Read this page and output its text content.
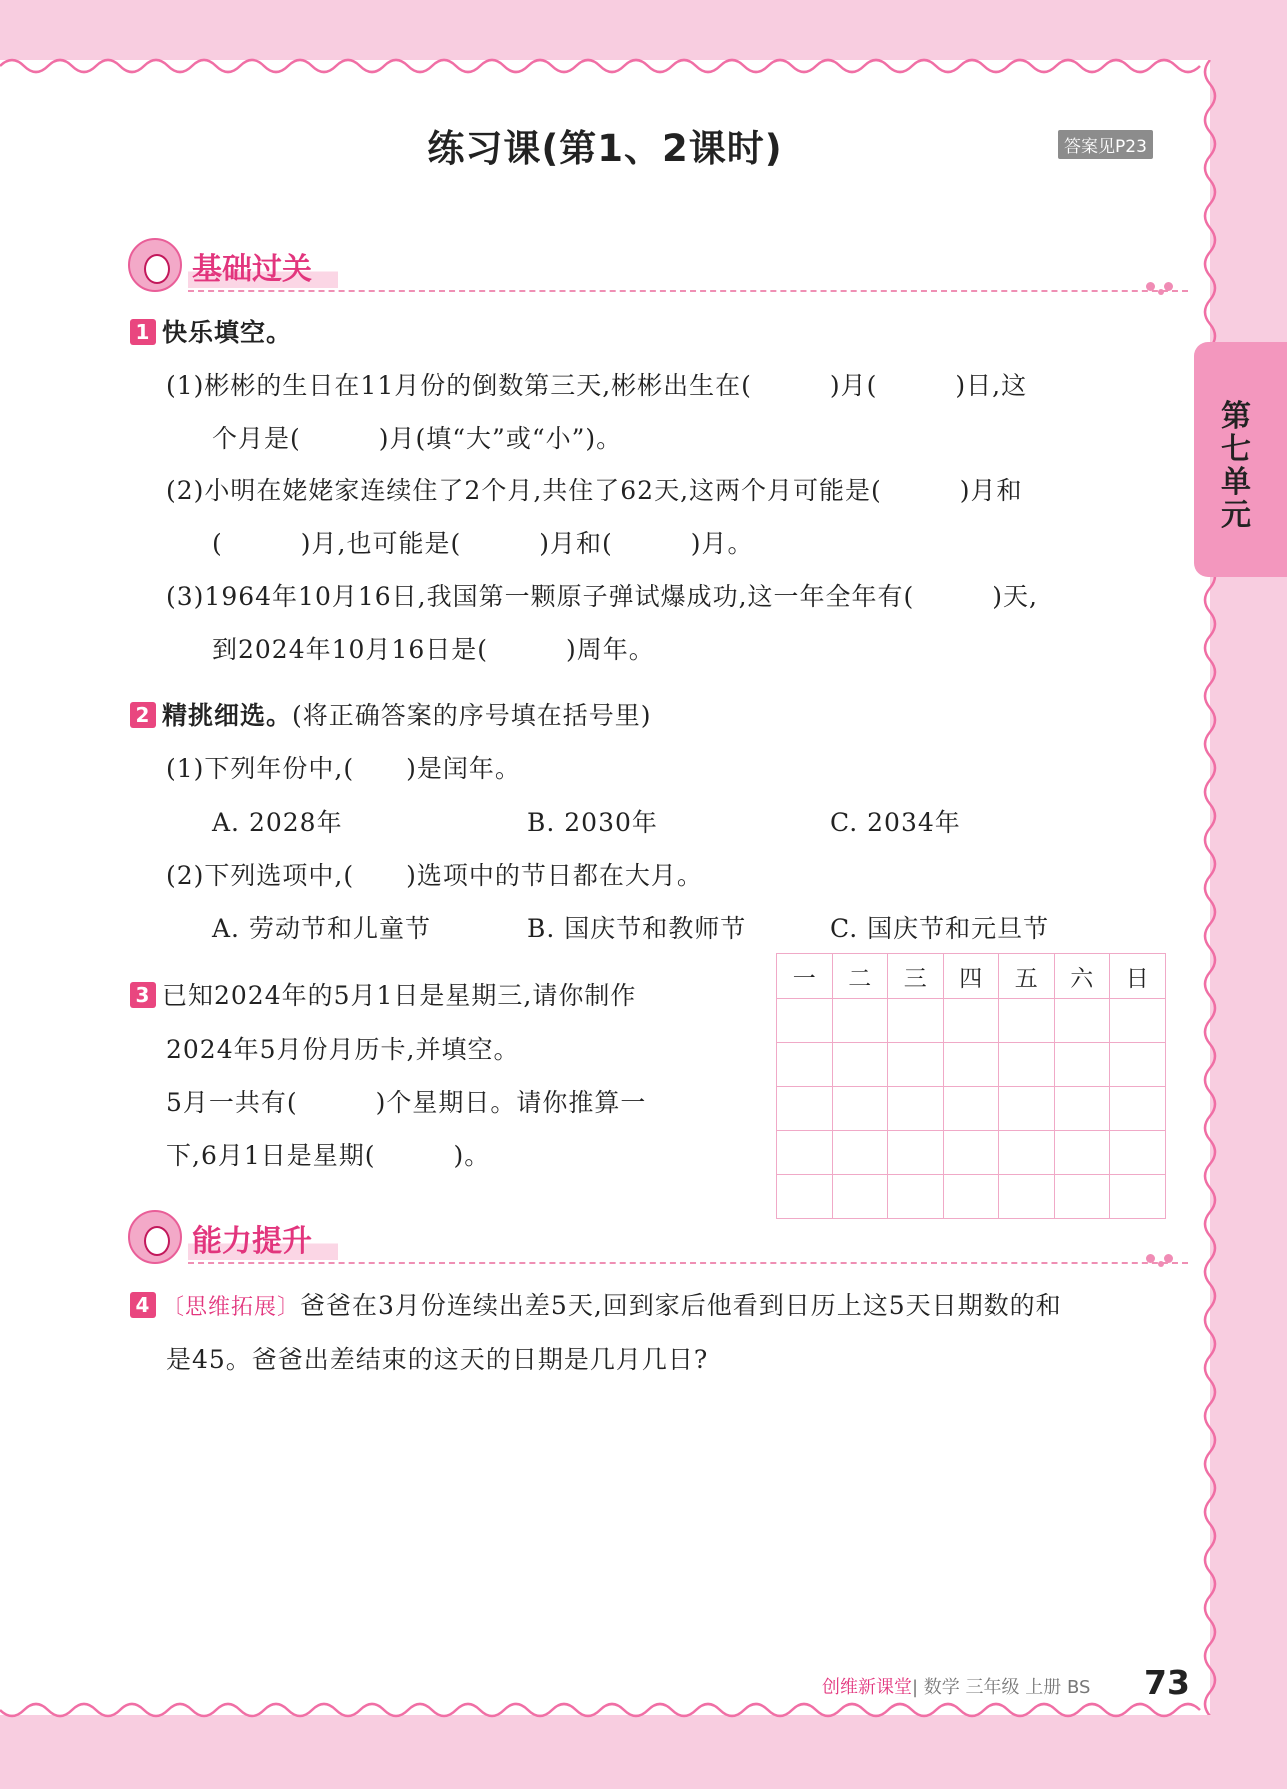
练习课(第1、2课时)	答案见P23
第七单元
基础过关
1 快乐填空。
(1)彬彬的生日在11月份的倒数第三天,彬彬出生在(　　　)月(　　　)日,这
个月是(　　　)月(填“大”或“小”)。
(2)小明在姥姥家连续住了2个月,共住了62天,这两个月可能是(　　　)月和
(　　　)月,也可能是(　　　)月和(　　　)月。
(3)1964年10月16日,我国第一颗原子弹试爆成功,这一年全年有(　　　)天,
到2024年10月16日是(　　　)周年。
2 精挑细选。(将正确答案的序号填在括号里)
(1)下列年份中,(　　)是闰年。
A. 2028年	B. 2030年	C. 2034年
(2)下列选项中,(　　)选项中的节日都在大月。
A. 劳动节和儿童节	B. 国庆节和教师节	C. 国庆节和元旦节
3 已知2024年的5月1日是星期三,请你制作
2024年5月份月历卡,并填空。
5月一共有(　　　)个星期日。请你推算一
下,6月1日是星期(　　　)。
一	二	三	四	五	六	日

能力提升
4 〔思维拓展〕爸爸在3月份连续出差5天,回到家后他看到日历上这5天日期数的和
是45。爸爸出差结束的这天的日期是几月几日?
创维新课堂| 数学 三年级 上册 BS 73
